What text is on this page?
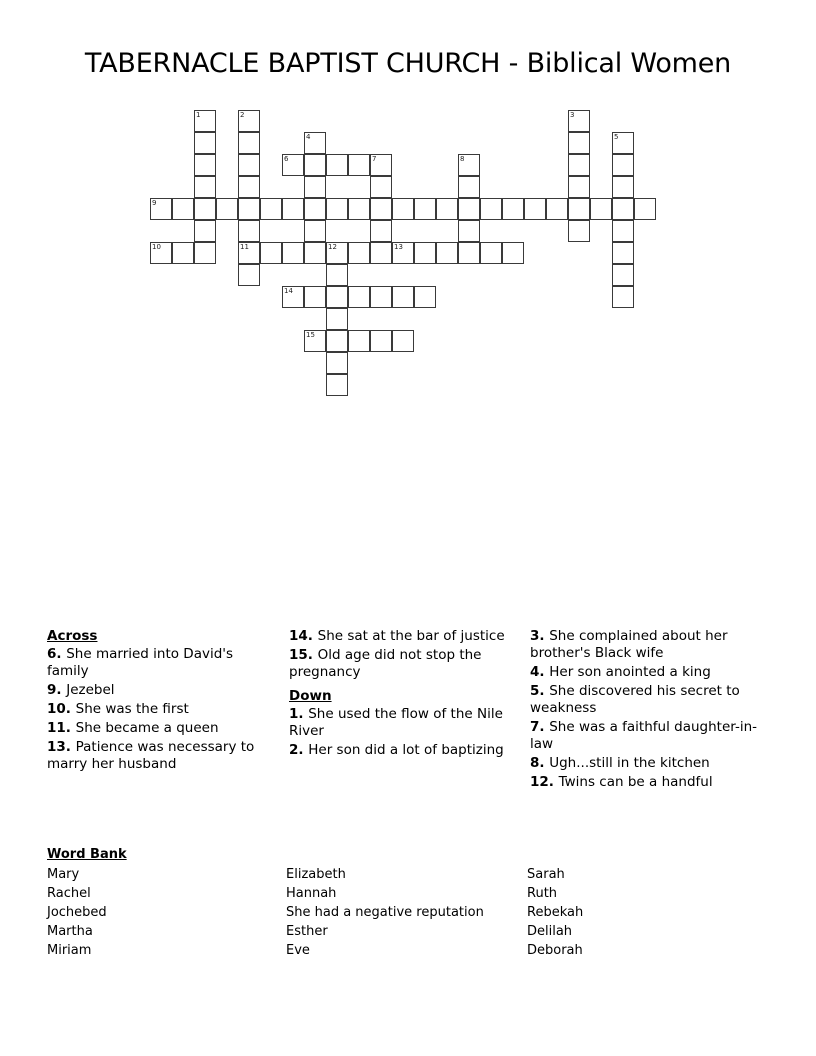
TABERNACLE BAPTIST CHURCH - Biblical Women
1	2
11
3
4	5
6	7	8
9
10	12	13
14
15
Across
6. She married into David's family
9. Jezebel
10. She was the first
11. She became a queen
13. Patience was necessary to marry her husband
14. She sat at the bar of justice
15. Old age did not stop the pregnancy
Down
1. She used the flow of the Nile River
2. Her son did a lot of baptizing
3. She complained about her brother's Black wife
4. Her son anointed a king
5. She discovered his secret to weakness
7. She was a faithful daughter-in-law
8. Ugh...still in the kitchen
12. Twins can be a handful
Word Bank
Mary	Elizabeth	Sarah
Rachel	Hannah	Ruth
Jochebed	She had a negative reputation	Rebekah
Martha	Esther	Delilah
Miriam	Eve	Deborah
